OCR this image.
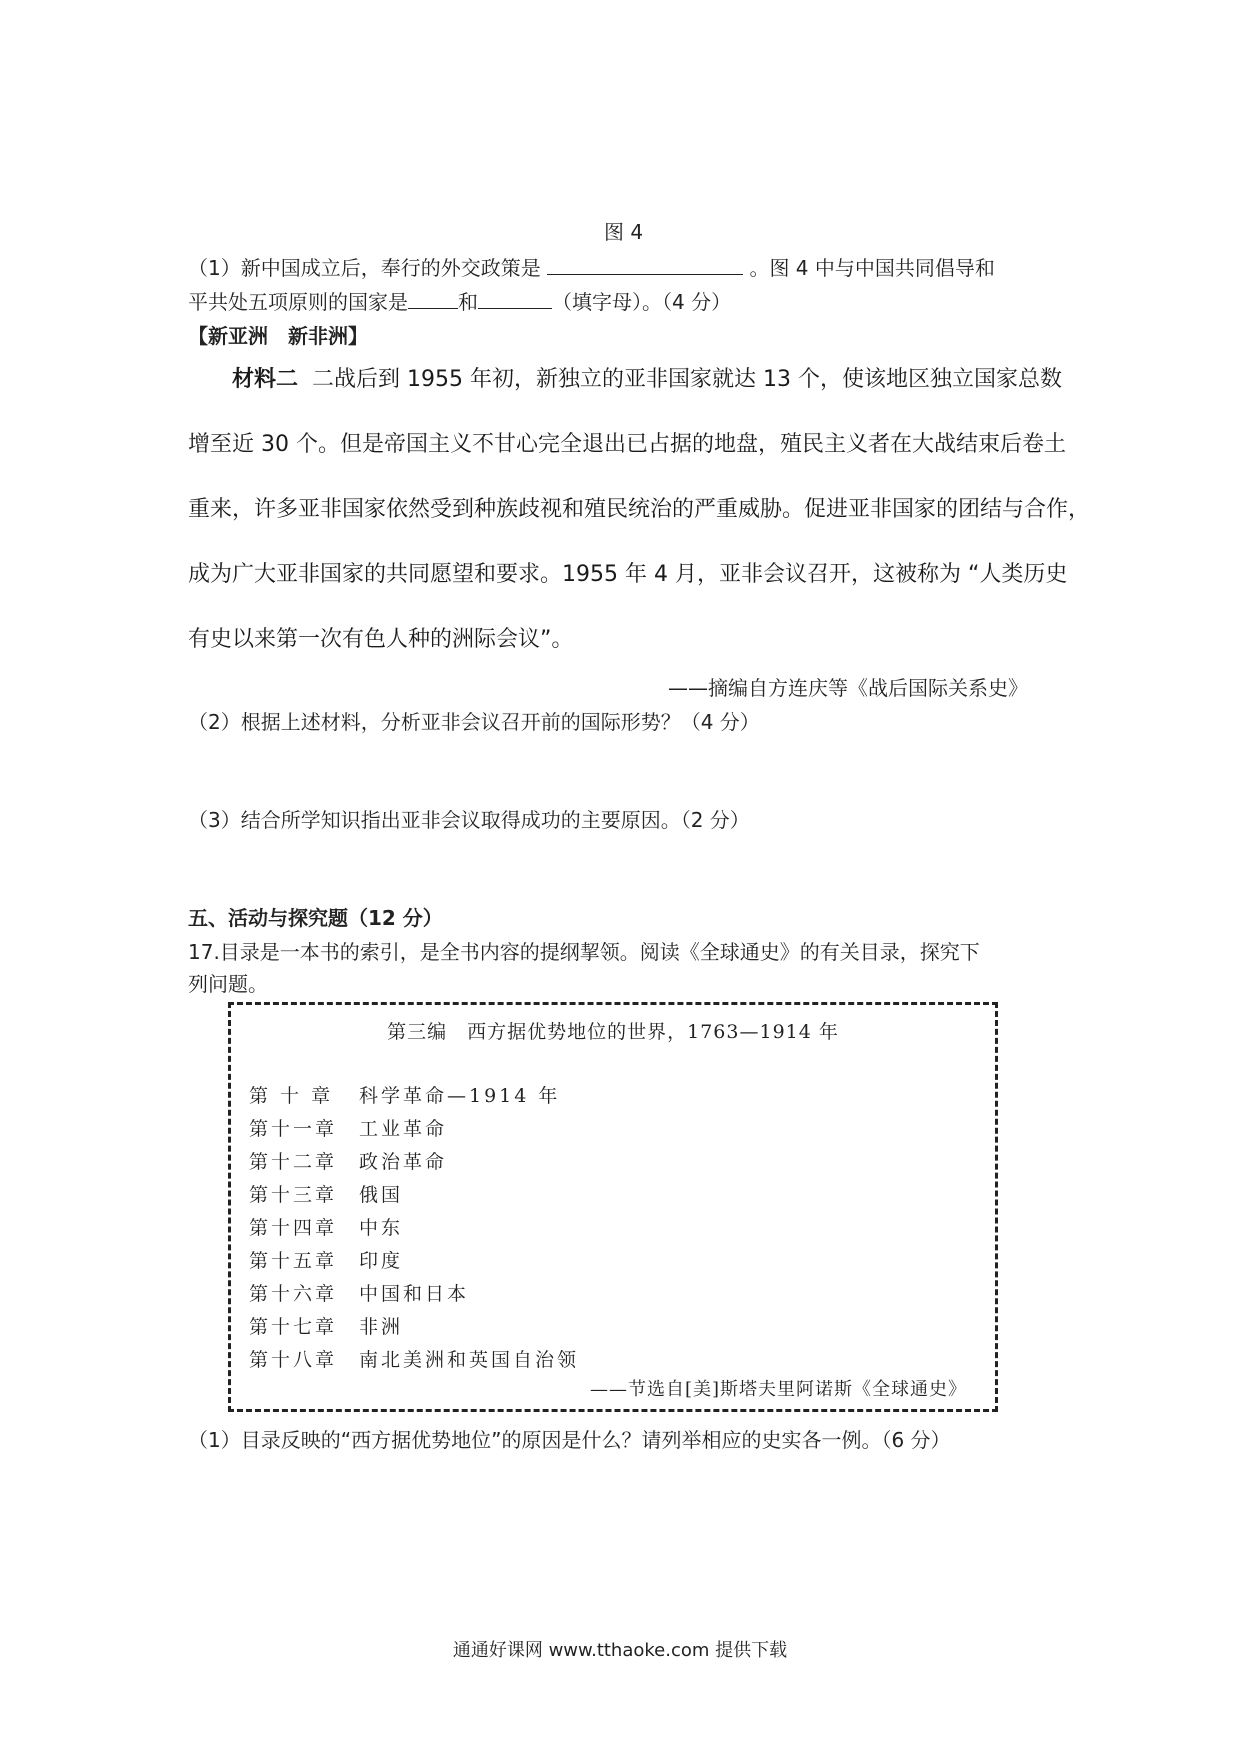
图 4
（1）新中国成立后，奉行的外交政策是	。图 4 中与中国共同倡导和
平共处五项原则的国家是	和	（填字母）。（4 分）
【新亚洲　新非洲】
材料二 二战后到 1955 年初，新独立的亚非国家就达 13 个，使该地区独立国家总数
增至近 30 个。但是帝国主义不甘心完全退出已占据的地盘，殖民主义者在大战结束后卷土
重来，许多亚非国家依然受到种族歧视和殖民统治的严重威胁。促进亚非国家的团结与合作，
成为广大亚非国家的共同愿望和要求。1955 年 4 月，亚非会议召开，这被称为 “人类历史
有史以来第一次有色人种的洲际会议”。
——摘编自方连庆等《战后国际关系史》
（2）根据上述材料，分析亚非会议召开前的国际形势？（4 分）
（3）结合所学知识指出亚非会议取得成功的主要原因。（2 分）
五、活动与探究题（12 分）
17.目录是一本书的索引，是全书内容的提纲挈领。阅读《全球通史》的有关目录，探究下
列问题。
第三编　西方据优势地位的世界，1763—1914 年
第 十 章 科学革命—1914 年
第十一章 工业革命
第十二章 政治革命
第十三章 俄国
第十四章 中东
第十五章 印度
第十六章 中国和日本
第十七章 非洲
第十八章 南北美洲和英国自治领
——节选自[美]斯塔夫里阿诺斯《全球通史》
（1）目录反映的“西方据优势地位”的原因是什么？请列举相应的史实各一例。（6 分）
通通好课网 www.tthaoke.com 提供下载
